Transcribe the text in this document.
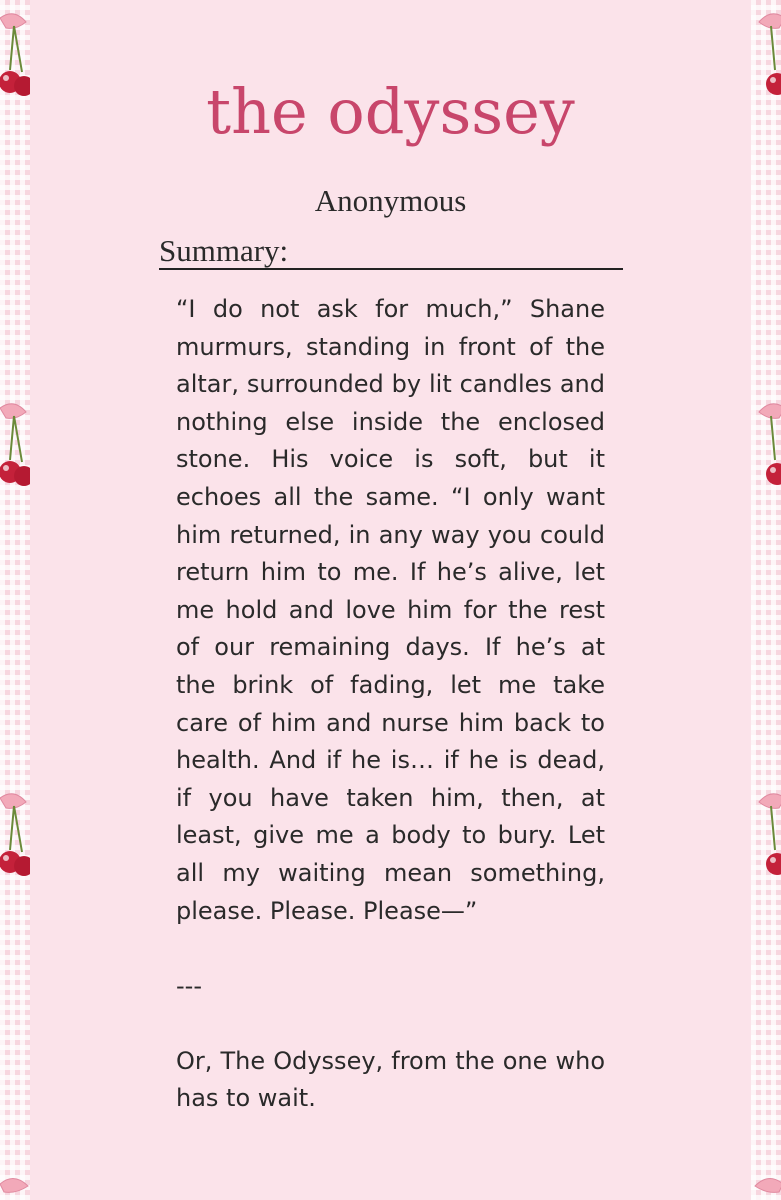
the odyssey
Anonymous
Summary:

“I do not ask for much,” Shane murmurs, standing in front of the altar, surrounded by lit candles and nothing else inside the enclosed stone. His voice is soft, but it echoes all the same. “I only want him returned, in any way you could return him to me. If he’s alive, let me hold and love him for the rest of our remaining days. If he’s at the brink of fading, let me take care of him and nurse him back to health. And if he is… if he is dead, if you have taken him, then, at least, give me a body to bury. Let all my waiting mean something, please. Please. Please—”

---

Or, The Odyssey, from the one who has to wait.
